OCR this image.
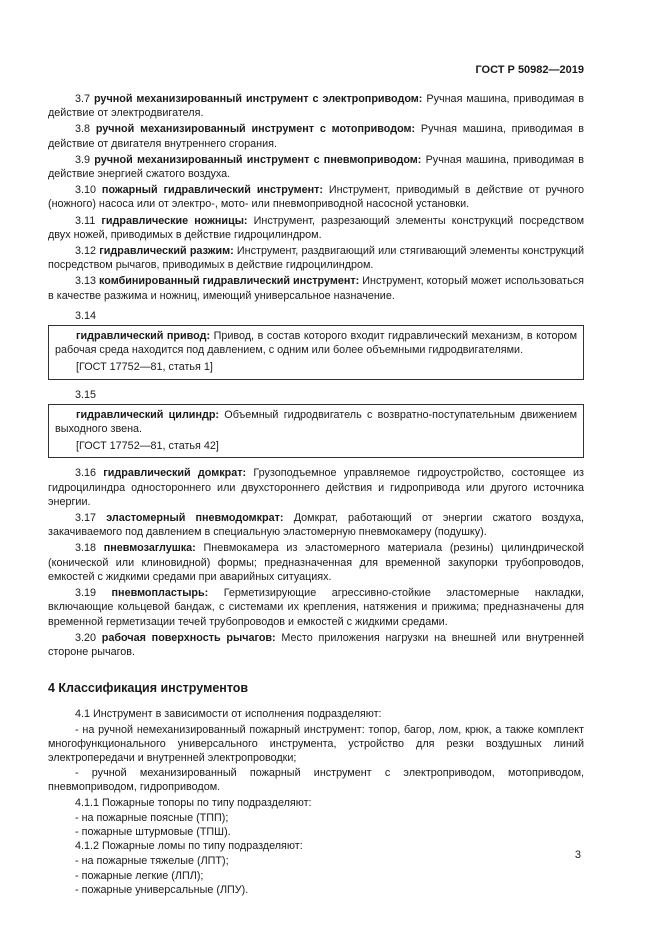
ГОСТ Р 50982—2019

3.7 ручной механизированный инструмент с электроприводом: Ручная машина, приводимая в действие от электродвигателя.

3.8 ручной механизированный инструмент с мотоприводом: Ручная машина, приводимая в действие от двигателя внутреннего сгорания.

3.9 ручной механизированный инструмент с пневмоприводом: Ручная машина, приводимая в действие энергией сжатого воздуха.

3.10 пожарный гидравлический инструмент: Инструмент, приводимый в действие от ручного (ножного) насоса или от электро-, мото- или пневмоприводной насосной установки.

3.11 гидравлические ножницы: Инструмент, разрезающий элементы конструкций посредством двух ножей, приводимых в действие гидроцилиндром.

3.12 гидравлический разжим: Инструмент, раздвигающий или стягивающий элементы конструкций посредством рычагов, приводимых в действие гидроцилиндром.

3.13 комбинированный гидравлический инструмент: Инструмент, который может использоваться в качестве разжима и ножниц, имеющий универсальное назначение.

3.14

гидравлический привод: Привод, в состав которого входит гидравлический механизм, в котором рабочая среда находится под давлением, с одним или более объемными гидродвигателями.

[ГОСТ 17752—81, статья 1]

3.15

гидравлический цилиндр: Объемный гидродвигатель с возвратно-поступательным движением выходного звена.

[ГОСТ 17752—81, статья 42]

3.16 гидравлический домкрат: Грузоподъемное управляемое гидроустройство, состоящее из гидроцилиндра одностороннего или двухстороннего действия и гидропривода или другого источника энергии.

3.17 эластомерный пневмодомкрат: Домкрат, работающий от энергии сжатого воздуха, закачиваемого под давлением в специальную эластомерную пневмокамеру (подушку).

3.18 пневмозаглушка: Пневмокамера из эластомерного материала (резины) цилиндрической (конической или клиновидной) формы; предназначенная для временной закупорки трубопроводов, емкостей с жидкими средами при аварийных ситуациях.

3.19 пневмопластырь: Герметизирующие агрессивно-стойкие эластомерные накладки, включающие кольцевой бандаж, с системами их крепления, натяжения и прижима; предназначены для временной герметизации течей трубопроводов и емкостей с жидкими средами.

3.20 рабочая поверхность рычагов: Место приложения нагрузки на внешней или внутренней стороне рычагов.

4 Классификация инструментов

4.1 Инструмент в зависимости от исполнения подразделяют:

- на ручной немеханизированный пожарный инструмент: топор, багор, лом, крюк, а также комплект многофункционального универсального инструмента, устройство для резки воздушных линий электропередачи и внутренней электропроводки;

- ручной механизированный пожарный инструмент с электроприводом, мотоприводом, пневмоприводом, гидроприводом.

4.1.1 Пожарные топоры по типу подразделяют:

- на пожарные поясные (ТПП);

- пожарные штурмовые (ТПШ).

4.1.2 Пожарные ломы по типу подразделяют:

- на пожарные тяжелые (ЛПТ);

- пожарные легкие (ЛПЛ);

- пожарные универсальные (ЛПУ).

3
